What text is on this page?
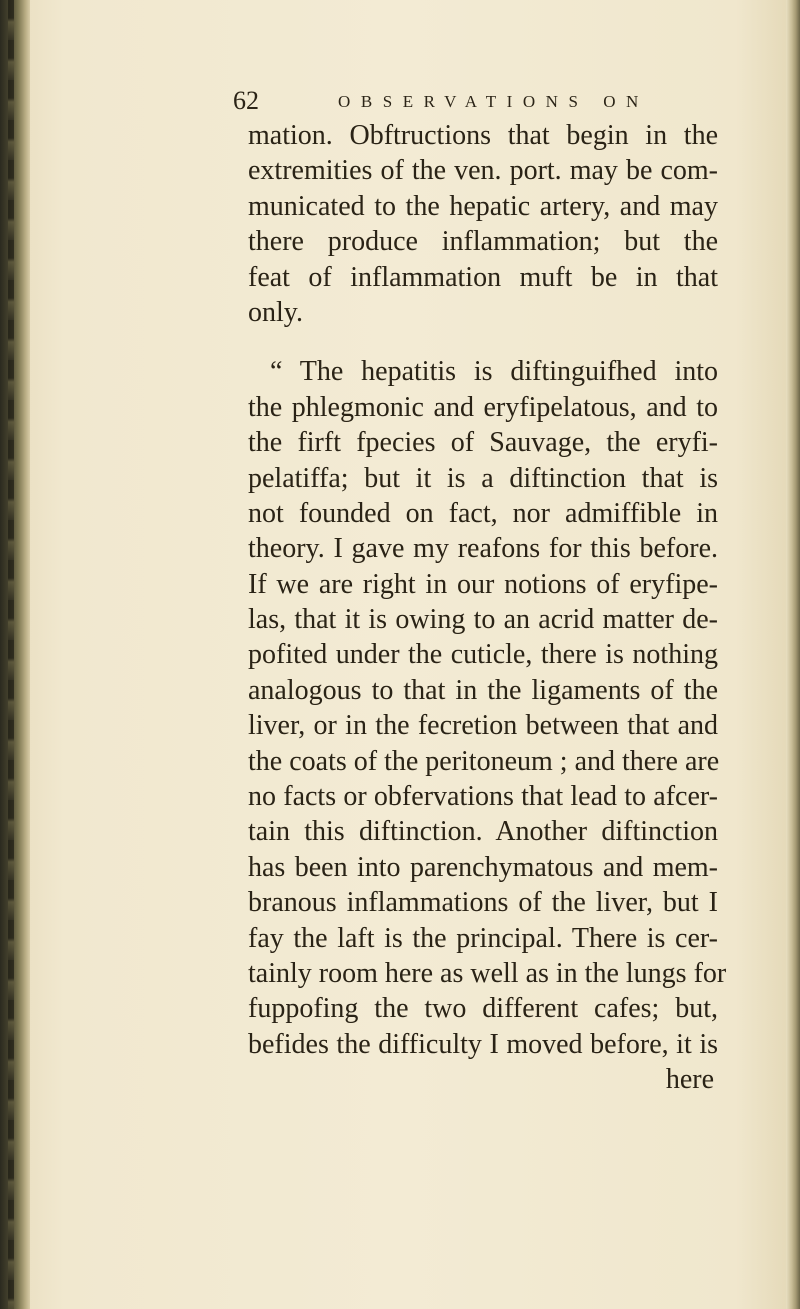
62	OBSERVATIONS ON
mation. Obftructions that begin in the
extremities of the ven. port. may be com-
municated to the hepatic artery, and may
there produce inflammation; but the
feat of inflammation muft be in that
only.
“ The hepatitis is diftinguifhed into
the phlegmonic and eryfipelatous, and to
the firft fpecies of Sauvage, the eryfi-
pelatiffa; but it is a diftinction that is
not founded on fact, nor admiffible in
theory. I gave my reafons for this before.
If we are right in our notions of eryfipe-
las, that it is owing to an acrid matter de-
pofited under the cuticle, there is nothing
analogous to that in the ligaments of the
liver, or in the fecretion between that and
the coats of the peritoneum ; and there are
no facts or obfervations that lead to afcer-
tain this diftinction. Another diftinction
has been into parenchymatous and mem-
branous inflammations of the liver, but I
fay the laft is the principal. There is cer-
tainly room here as well as in the lungs for
fuppofing the two different cafes; but,
befides the difficulty I moved before, it is
here
